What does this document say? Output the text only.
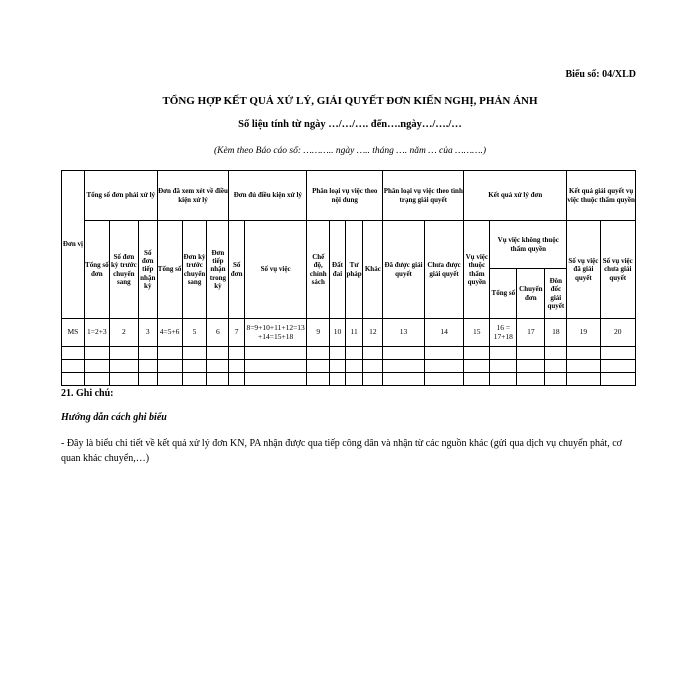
Biểu số: 04/XLD
TỔNG HỢP KẾT QUẢ XỬ LÝ, GIẢI QUYẾT ĐƠN KIẾN NGHỊ, PHẢN ÁNH
Số liệu tính từ ngày …/…/…. đến….ngày…/…./…
(Kèm theo Báo cáo số: ……….. ngày ….. tháng …. năm … của ……….)
Đơn vị	Tổng số đơn phải xử lý			Đơn đã xem xét về điều kiện xử lý			Đơn đủ điều kiện xử lý		Phân loại vụ việc theo nội dung				Phân loại vụ việc theo tình trạng giải quyết		Kết quả xử lý đơn				Kết quả giải quyết vụ việc thuộc thẩm quyền	
	Tổng số đơn	Số đơn kỳ trước chuyển sang	Số đơn tiếp nhận kỳ	Tổng số	Đơn kỳ trước chuyển sang	Đơn tiếp nhận trong kỳ	Số đơn	Số vụ việc	Chế độ, chính sách	Đất đai	Tư pháp	Khác	Đã được giải quyết	Chưa được giải quyết	Vụ việc thuộc thẩm quyền	Vụ việc không thuộc thẩm quyền			Số vụ việc đã giải quyết	Số vụ việc chưa giải quyết
																Tổng số	Chuyển đơn	Đôn đốc giải quyết		
MS	1=2+3	2	3	4=5+6	5	6	7	8=9+10+11+12=13+14=15+18	9	10	11	12	13	14	15	16 = 17+18	17	18	19	20

21. Ghi chú:
Hướng dẫn cách ghi biểu
- Đây là biểu chi tiết về kết quả xử lý đơn KN, PA nhận được qua tiếp công dân và nhận từ các nguồn khác (gửi qua dịch vụ chuyển phát, cơ quan khác chuyển,…)
